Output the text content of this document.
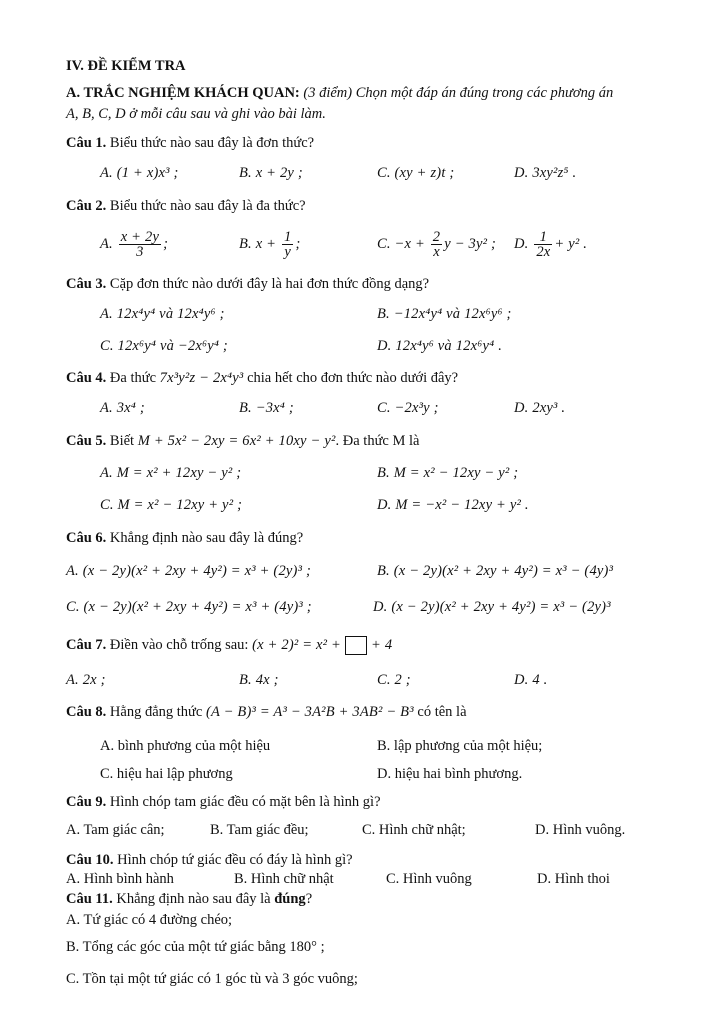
IV. ĐỀ KIỂM TRA
A. TRẮC NGHIỆM KHÁCH QUAN: (3 điểm) Chọn một đáp án đúng trong các phương án
A, B, C, D ở mỗi câu sau và ghi vào bài làm.
Câu 1. Biểu thức nào sau đây là đơn thức?
A. (1 + x)x³ ;	B. x + 2y ;	C. (xy + z)t ;	D. 3xy²z⁵ .
Câu 2. Biểu thức nào sau đây là đa thức?
A. $\frac{x + 2y}{3}$ ;	B. $x + \frac{1}{y}$ ;	C. $-x + \frac{2}{x}$ y − 3y² ; D. $\frac{1}{2x} + y^2$ .
Câu 3. Cặp đơn thức nào dưới đây là hai đơn thức đồng dạng?
A. 12x⁴y⁴ và 12x⁴y⁶ ;	B. −12x⁴y⁴ và 12x⁶y⁶ ;
C. 12x⁶y⁴ và −2x⁶y⁴ ;	D. 12x⁴y⁶ và 12x⁶y⁴ .
Câu 4. Đa thức 7x³y²z − 2x⁴y³ chia hết cho đơn thức nào dưới đây?
A. 3x⁴ ;	B. −3x⁴ ;	C. −2x³y ;	D. 2xy³ .
Câu 5. Biết M + 5x² − 2xy = 6x² + 10xy − y². Đa thức M là
A. M = x² + 12xy − y² ;	B. M = x² − 12xy − y² ;
C. M = x² − 12xy + y² ;	D. M = −x² − 12xy + y² .
Câu 6. Khẳng định nào sau đây là đúng?
A. (x − 2y)(x² + 2xy + 4y²) = x³ + (2y)³ ;	B. (x − 2y)(x² + 2xy + 4y²) = x³ − (4y)³
C. (x − 2y)(x² + 2xy + 4y²) = x³ + (4y)³ ;	D. (x − 2y)(x² + 2xy + 4y²) = x³ − (2y)³
Câu 7. Điền vào chỗ trống sau: (x + 2)² = x² + + 4
A. 2x ;	B. 4x ;	C. 2 ;	D. 4 .
Câu 8. Hằng đẳng thức (A − B)³ = A³ − 3A²B + 3AB² − B³ có tên là
A. bình phương của một hiệu	B. lập phương của một hiệu;
C. hiệu hai lập phương	D. hiệu hai bình phương.
Câu 9. Hình chóp tam giác đều có mặt bên là hình gì?
A. Tam giác cân;	B. Tam giác đều;	C. Hình chữ nhật;	D. Hình vuông.
Câu 10. Hình chóp tứ giác đều có đáy là hình gì?
A. Hình bình hành	B. Hình chữ nhật	C. Hình vuông	D. Hình thoi
Câu 11. Khẳng định nào sau đây là đúng?
A. Tứ giác có 4 đường chéo;
B. Tổng các góc của một tứ giác bằng 180° ;
C. Tồn tại một tứ giác có 1 góc tù và 3 góc vuông;
